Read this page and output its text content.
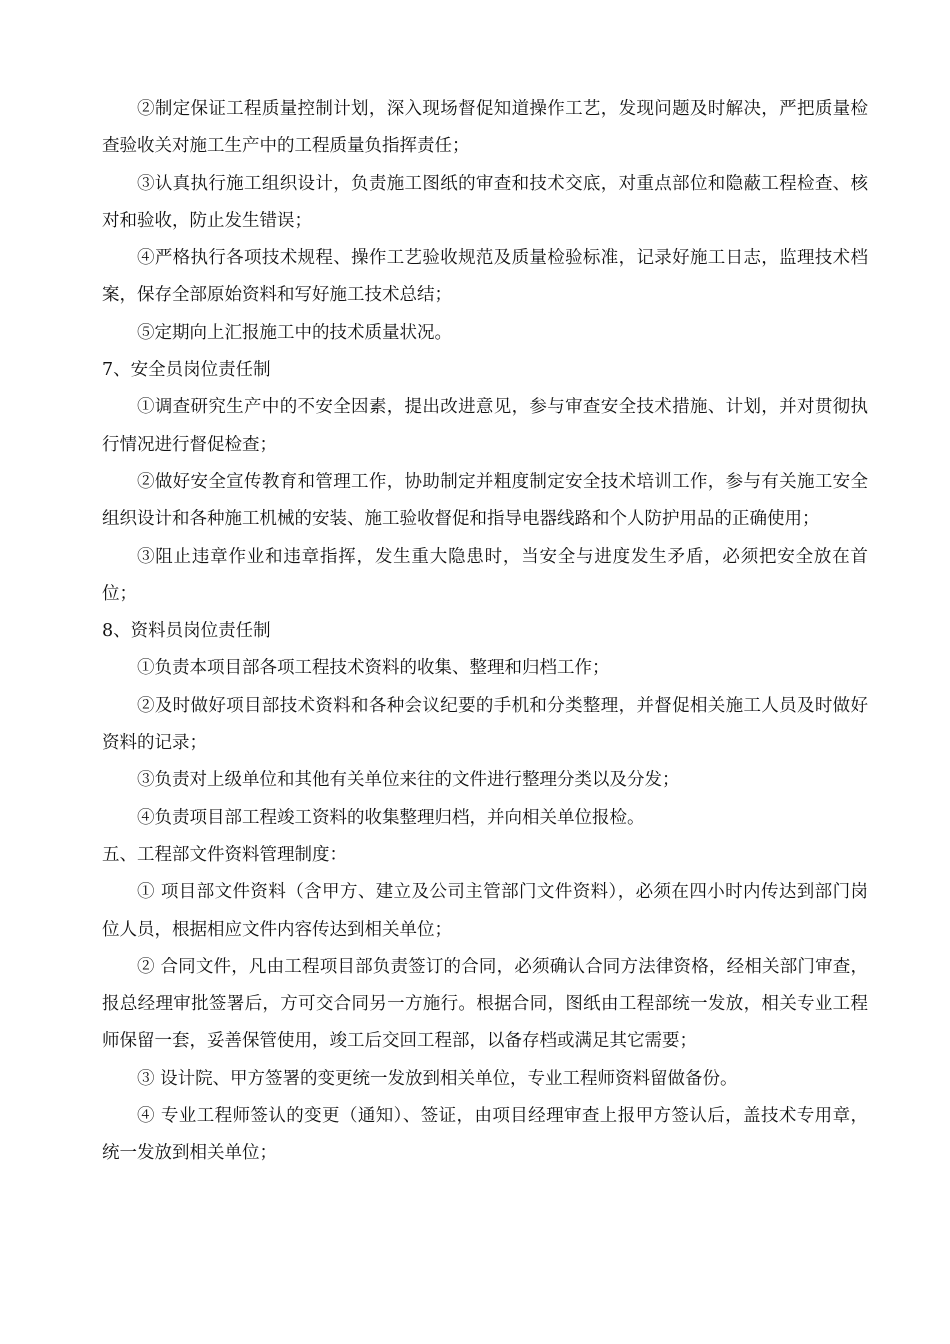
②制定保证工程质量控制计划，深入现场督促知道操作工艺，发现问题及时解决，严把质量检查验收关对施工生产中的工程质量负指挥责任；

③认真执行施工组织设计，负责施工图纸的审查和技术交底，对重点部位和隐蔽工程检查、核对和验收，防止发生错误；

④严格执行各项技术规程、操作工艺验收规范及质量检验标准，记录好施工日志，监理技术档案，保存全部原始资料和写好施工技术总结；

⑤定期向上汇报施工中的技术质量状况。

7、安全员岗位责任制

①调查研究生产中的不安全因素，提出改进意见，参与审查安全技术措施、计划，并对贯彻执行情况进行督促检查；

②做好安全宣传教育和管理工作，协助制定并粗度制定安全技术培训工作，参与有关施工安全组织设计和各种施工机械的安装、施工验收督促和指导电器线路和个人防护用品的正确使用；

③阻止违章作业和违章指挥，发生重大隐患时，当安全与进度发生矛盾，必须把安全放在首位；

8、资料员岗位责任制

①负责本项目部各项工程技术资料的收集、整理和归档工作；

②及时做好项目部技术资料和各种会议纪要的手机和分类整理，并督促相关施工人员及时做好资料的记录；

③负责对上级单位和其他有关单位来往的文件进行整理分类以及分发；

④负责项目部工程竣工资料的收集整理归档，并向相关单位报检。

五、工程部文件资料管理制度：

① 项目部文件资料（含甲方、建立及公司主管部门文件资料），必须在四小时内传达到部门岗位人员，根据相应文件内容传达到相关单位；

② 合同文件，凡由工程项目部负责签订的合同，必须确认合同方法律资格，经相关部门审查，报总经理审批签署后，方可交合同另一方施行。根据合同，图纸由工程部统一发放，相关专业工程师保留一套，妥善保管使用，竣工后交回工程部，以备存档或满足其它需要；

③ 设计院、甲方签署的变更统一发放到相关单位，专业工程师资料留做备份。

④ 专业工程师签认的变更（通知）、签证，由项目经理审查上报甲方签认后，盖技术专用章，统一发放到相关单位；
